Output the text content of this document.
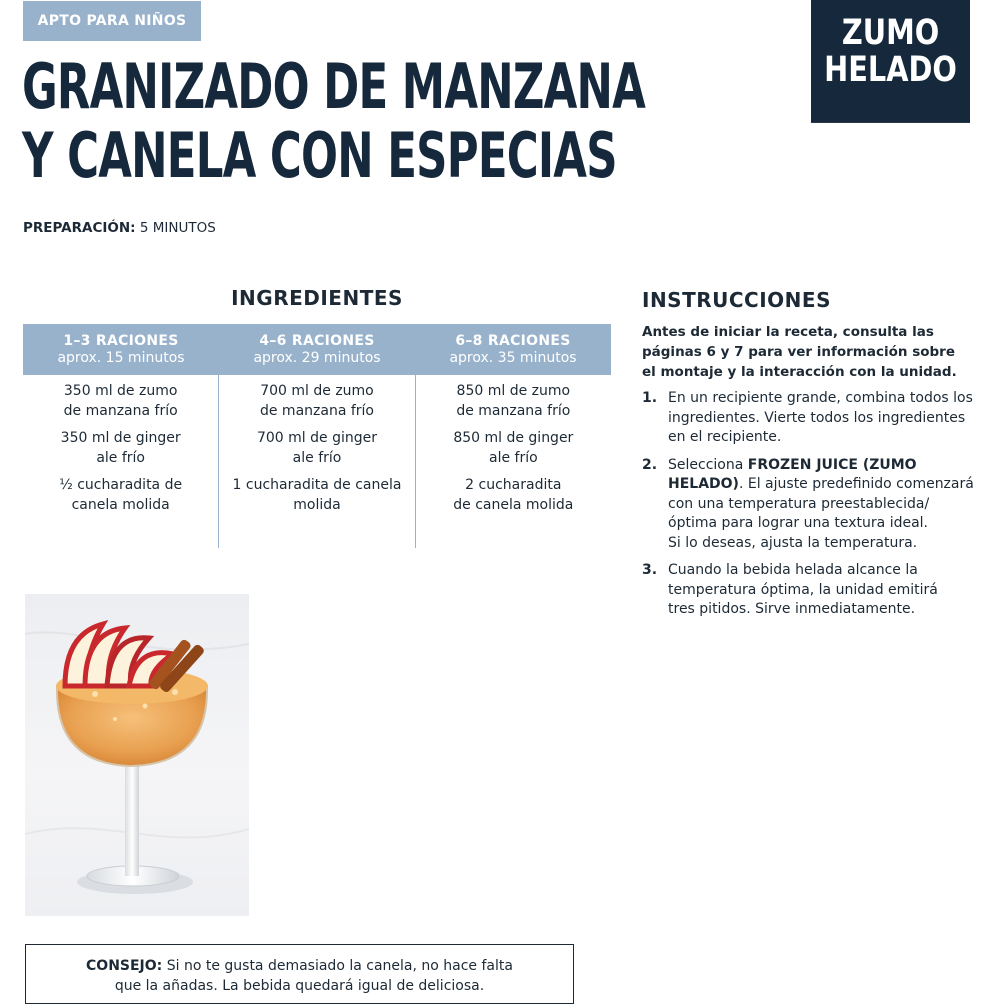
APTO PARA NIÑOS	ZUMO
HELADO
GRANIZADO DE MANZANA
Y CANELA CON ESPECIAS
PREPARACIÓN: 5 MINUTOS
INGREDIENTES
1–3 RACIONES
aprox. 15 minutos
4–6 RACIONES
aprox. 29 minutos
6–8 RACIONES
aprox. 35 minutos

350 ml de zumo
de manzana frío

350 ml de ginger
ale frío

½ cucharadita de
canela molida

700 ml de zumo
de manzana frío

700 ml de ginger
ale frío

1 cucharadita de canela
molida

850 ml de zumo
de manzana frío

850 ml de ginger
ale frío

2 cucharadita
de canela molida

INSTRUCCIONES
Antes de iniciar la receta, consulta las
páginas 6 y 7 para ver información sobre
el montaje y la interacción con la unidad.
1. En un recipiente grande, combina todos los
ingredientes. Vierte todos los ingredientes
en el recipiente.
2. Selecciona FROZEN JUICE (ZUMO
HELADO). El ajuste predefinido comenzará
con una temperatura preestablecida/
óptima para lograr una textura ideal.
Si lo deseas, ajusta la temperatura.
3. Cuando la bebida helada alcance la
temperatura óptima, la unidad emitirá
tres pitidos. Sirve inmediatamente.
CONSEJO: Si no te gusta demasiado la canela, no hace falta
que la añadas. La bebida quedará igual de deliciosa.
